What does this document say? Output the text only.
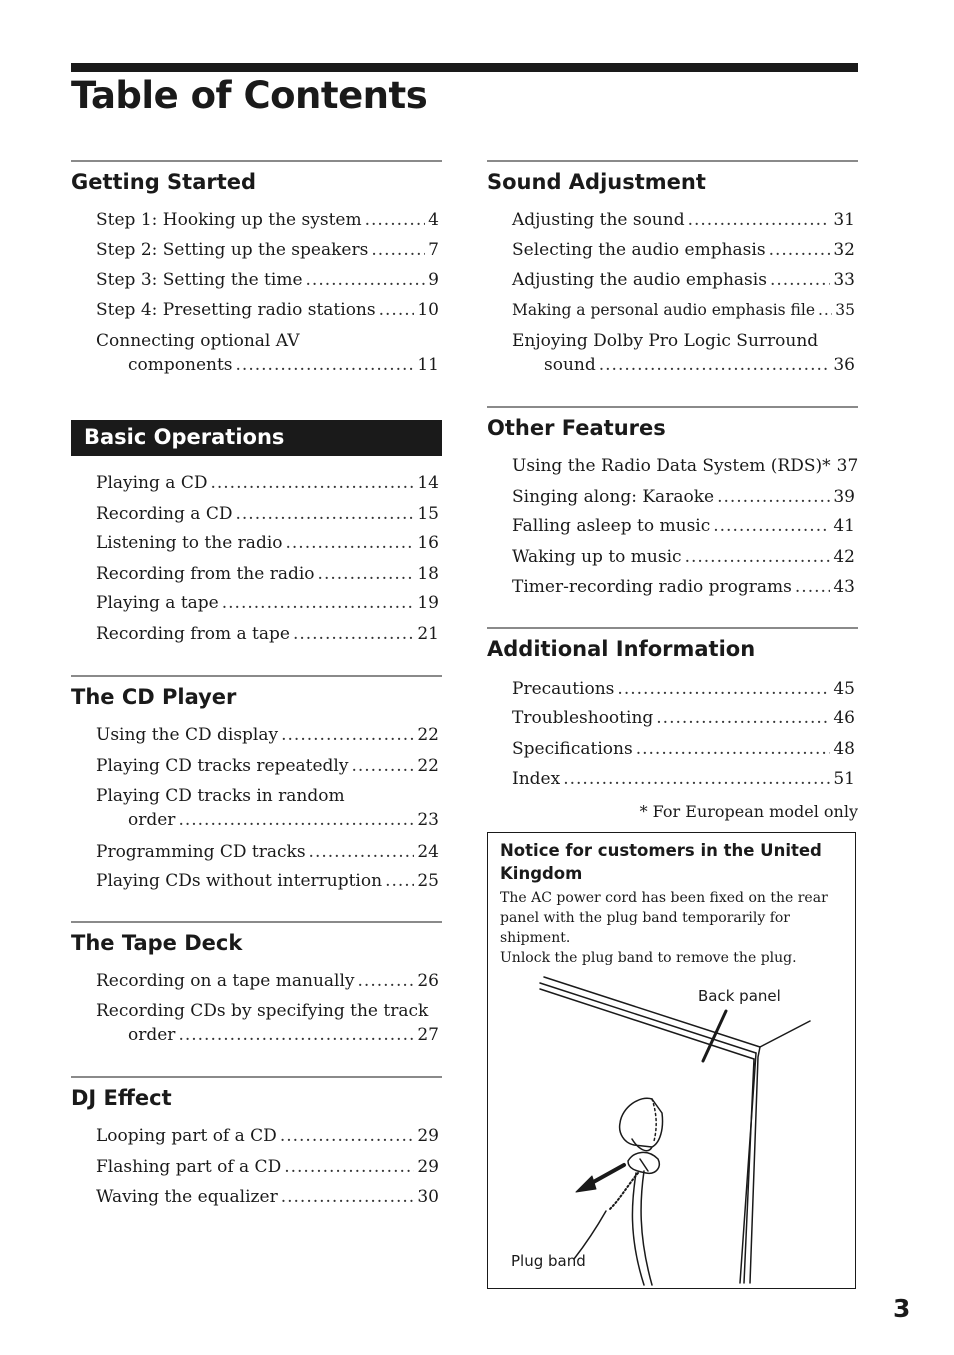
Table of Contents
Getting Started
Step 1: Hooking up the system .....	4
Step 2: Setting up the speakers .....	7
Step 3: Setting the time .....	9
Step 4: Presetting radio stations ..... 10
Connecting optional AV
components .....	11
Basic Operations
Playing a CD .....	14
Recording a CD .....	15
Listening to the radio .....	16
Recording from the radio .....	18
Playing a tape .....	19
Recording from a tape .....	21
The CD Player
Using the CD display .....	22
Playing CD tracks repeatedly .....	22
Playing CD tracks in random
order .....	23
Programming CD tracks .....	24
Playing CDs without interruption ..... 25
The Tape Deck
Recording on a tape manually .....	26
Recording CDs by specifying the track
order .....	27
DJ Effect
Looping part of a CD .....	29
Flashing part of a CD .....	29
Waving the equalizer .....	30
Sound Adjustment
Adjusting the sound .....	31
Selecting the audio emphasis .....	32
Adjusting the audio emphasis .....	33
Making a personal audio emphasis file ..... 35
Enjoying Dolby Pro Logic Surround
sound .....	36
Other Features
Using the Radio Data System (RDS)* 37
Singing along: Karaoke .....	39
Falling asleep to music .....	41
Waking up to music .....	42
Timer-recording radio programs ..... 43
Additional Information
Precautions .....	45
Troubleshooting .....	46
Specifications .....	48
Index .....	51
* For European model only
Notice for customers in the United Kingdom

The AC power cord has been fixed on the rear panel with the plug band temporarily for shipment.

Unlock the plug band to remove the plug.

Back panel
Plug band
3
